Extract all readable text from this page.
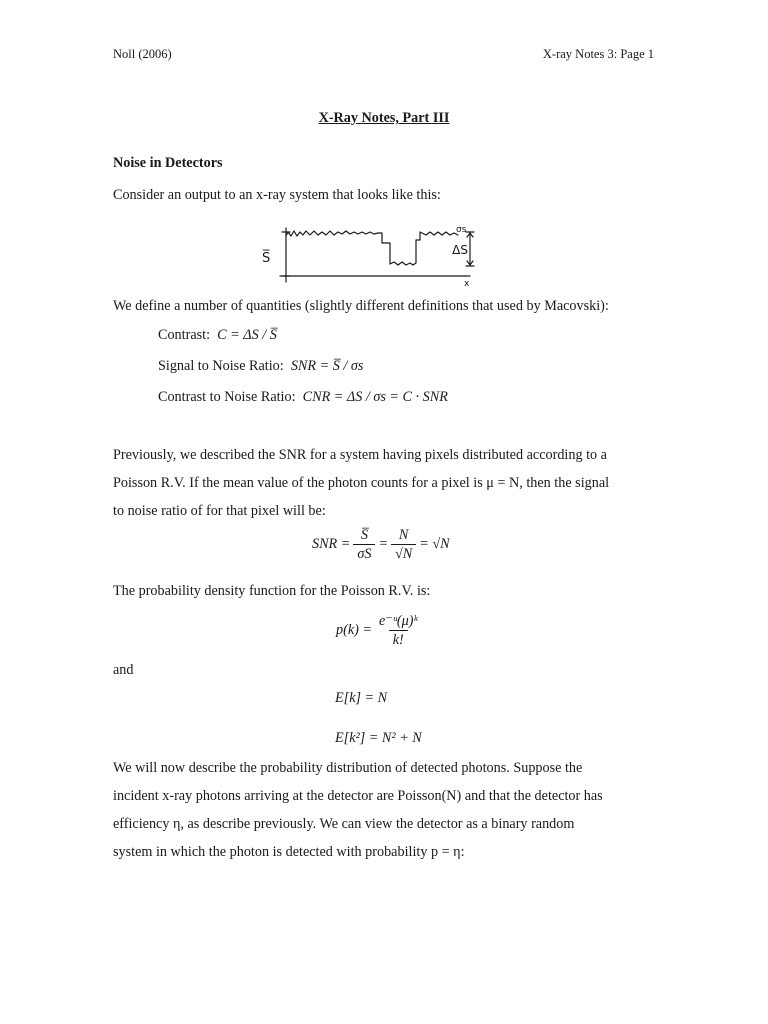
Noll (2006)	X-ray Notes 3: Page 1
X-Ray Notes, Part III
Noise in Detectors
Consider an output to an x-ray system that looks like this:
S̅
ΔS
σs
x
We define a number of quantities (slightly different definitions that used by Macovski):
Contrast: C = ΔS / S̅
Signal to Noise Ratio: SNR = S̅ / σs
Contrast to Noise Ratio: CNR = ΔS / σs = C · SNR
Previously, we described the SNR for a system having pixels distributed according to a
Poisson R.V. If the mean value of the photon counts for a pixel is μ = N, then the signal
to noise ratio of for that pixel will be:
SNR = $\frac{S̅}{\sigma S} = \frac{N}{√N}$ =
√N
The probability density function for the Poisson R.V. is:
$p(k) = \frac{\text{e⁻ᵘ(μ)ᵏ}}{k!}$
and
E[k] = N
E[k²] = N² + N
We will now describe the probability distribution of detected photons. Suppose the
incident x-ray photons arriving at the detector are Poisson(N) and that the detector has
efficiency η, as describe previously. We can view the detector as a binary random
system in which the photon is detected with probability p = η:
